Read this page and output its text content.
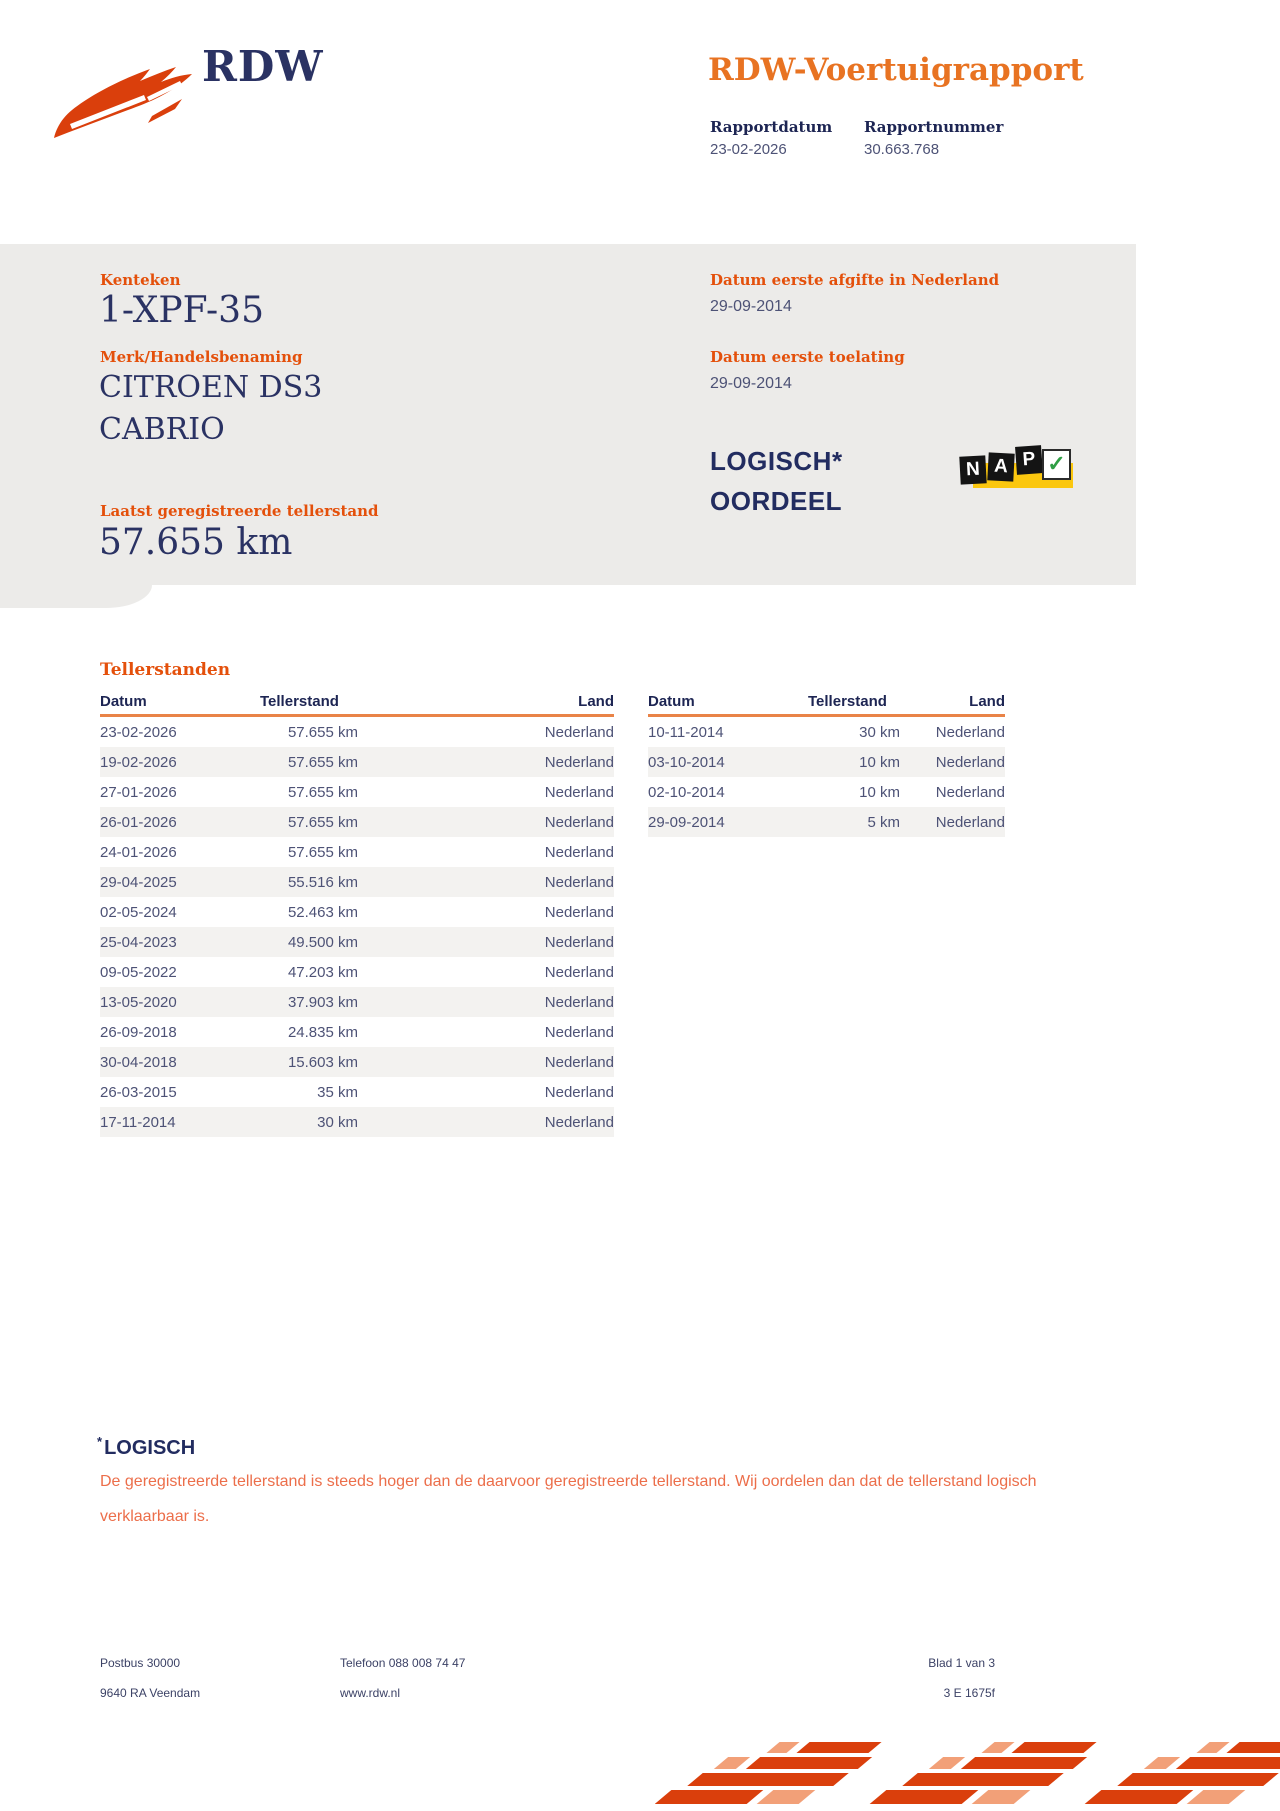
RDW	RDW-Voertuigrapport
Rapportdatum Rapportnummer
23-02-2026	30.663.768
Kenteken
1-XPF-35
Merk/Handelsbenaming
CITROEN DS3
CABRIO
Laatst geregistreerde tellerstand
57.655 km
Datum eerste afgifte in Nederland
29-09-2014
Datum eerste toelating
29-09-2014
LOGISCH*
OORDEEL
N A P ✓
Tellerstanden
Datum	Tellerstand	Land
23-02-2026	57.655 km	Nederland
19-02-2026	57.655 km	Nederland
27-01-2026	57.655 km	Nederland
26-01-2026	57.655 km	Nederland
24-01-2026	57.655 km	Nederland
29-04-2025	55.516 km	Nederland
02-05-2024	52.463 km	Nederland
25-04-2023	49.500 km	Nederland
09-05-2022	47.203 km	Nederland
13-05-2020	37.903 km	Nederland
26-09-2018	24.835 km	Nederland
30-04-2018	15.603 km	Nederland
26-03-2015	35 km	Nederland
17-11-2014	30 km	Nederland
Datum	Tellerstand	Land
10-11-2014	30 km	Nederland
03-10-2014	10 km	Nederland
02-10-2014	10 km	Nederland
29-09-2014	5 km	Nederland
* LOGISCH
De geregistreerde tellerstand is steeds hoger dan de daarvoor geregistreerde tellerstand. Wij oordelen dan dat de tellerstand logisch verklaarbaar is.
Postbus 30000
9640 RA Veendam
Telefoon 088 008 74 47
www.rdw.nl
Blad 1 van 3
3 E 1675f
